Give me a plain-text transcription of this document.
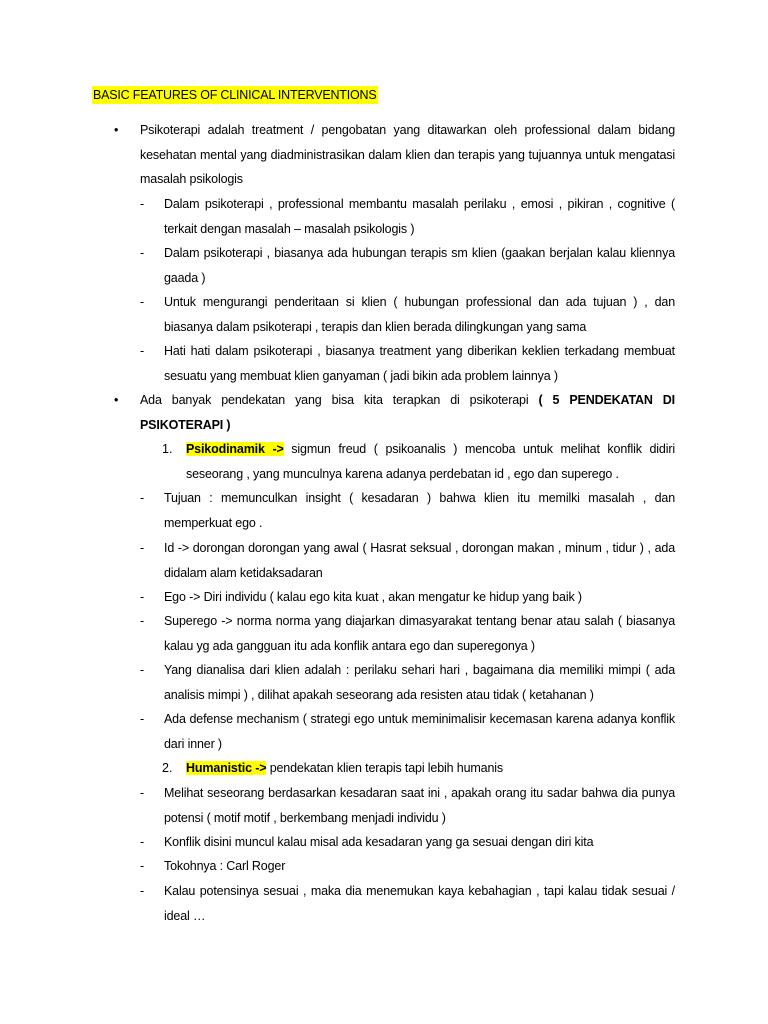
BASIC FEATURES OF CLINICAL INTERVENTIONS
• Psikoterapi adalah treatment / pengobatan yang ditawarkan oleh professional dalam bidang kesehatan mental yang diadministrasikan dalam klien dan terapis yang tujuannya untuk mengatasi masalah psikologis
- Dalam psikoterapi , professional membantu masalah perilaku , emosi , pikiran , cognitive ( terkait dengan masalah – masalah psikologis )
- Dalam psikoterapi , biasanya ada hubungan terapis sm klien (gaakan berjalan kalau kliennya gaada )
- Untuk mengurangi penderitaan si klien ( hubungan professional dan ada tujuan ) , dan biasanya dalam psikoterapi , terapis dan klien berada dilingkungan yang sama
- Hati hati dalam psikoterapi , biasanya treatment yang diberikan keklien terkadang membuat sesuatu yang membuat klien ganyaman ( jadi bikin ada problem lainnya )
• Ada banyak pendekatan yang bisa kita terapkan di psikoterapi ( 5 PENDEKATAN DI PSIKOTERAPI )
1. Psikodinamik -> sigmun freud ( psikoanalis ) mencoba untuk melihat konflik didiri seseorang , yang munculnya karena adanya perdebatan id , ego dan superego .
- Tujuan : memunculkan insight ( kesadaran ) bahwa klien itu memilki masalah , dan memperkuat ego .
- Id -> dorongan dorongan yang awal ( Hasrat seksual , dorongan makan , minum , tidur ) , ada didalam alam ketidaksadaran
- Ego -> Diri individu ( kalau ego kita kuat , akan mengatur ke hidup yang baik )
- Superego -> norma norma yang diajarkan dimasyarakat tentang benar atau salah ( biasanya kalau yg ada gangguan itu ada konflik antara ego dan superegonya )
- Yang dianalisa dari klien adalah : perilaku sehari hari , bagaimana dia memiliki mimpi ( ada analisis mimpi ) , dilihat apakah seseorang ada resisten atau tidak ( ketahanan )
- Ada defense mechanism ( strategi ego untuk meminimalisir kecemasan karena adanya konflik dari inner )
2. Humanistic -> pendekatan klien terapis tapi lebih humanis
- Melihat seseorang berdasarkan kesadaran saat ini , apakah orang itu sadar bahwa dia punya potensi ( motif motif , berkembang menjadi individu )
- Konflik disini muncul kalau misal ada kesadaran yang ga sesuai dengan diri kita
- Tokohnya : Carl Roger
- Kalau potensinya sesuai , maka dia menemukan kaya kebahagian , tapi kalau tidak sesuai / ideal …
